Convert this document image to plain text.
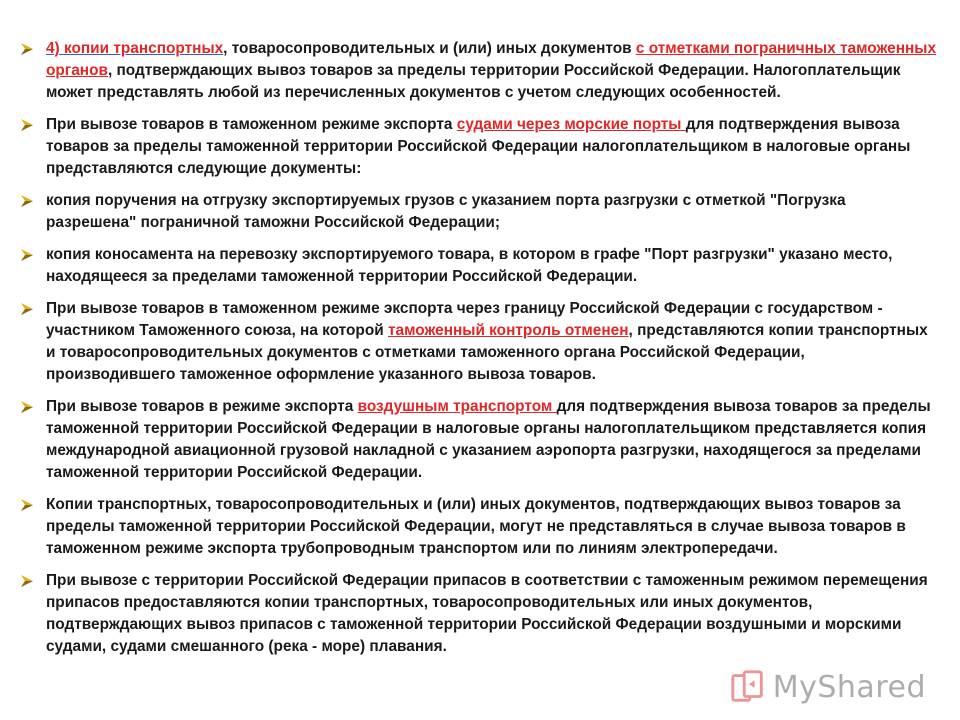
4) копии транспортных, товаросопроводительных и (или) иных документов с отметками пограничных таможенных органов, подтверждающих вывоз товаров за пределы территории Российской Федерации. Налогоплательщик может представлять любой из перечисленных документов с учетом следующих особенностей.
При вывозе товаров в таможенном режиме экспорта судами через морские порты для подтверждения вывоза товаров за пределы таможенной территории Российской Федерации налогоплательщиком в налоговые органы представляются следующие документы:
копия поручения на отгрузку экспортируемых грузов с указанием порта разгрузки с отметкой "Погрузка разрешена" пограничной таможни Российской Федерации;
копия коносамента на перевозку экспортируемого товара, в котором в графе "Порт разгрузки" указано место, находящееся за пределами таможенной территории Российской Федерации.
При вывозе товаров в таможенном режиме экспорта через границу Российской Федерации с государством - участником Таможенного союза, на которой таможенный контроль отменен, представляются копии транспортных и товаросопроводительных документов с отметками таможенного органа Российской Федерации, производившего таможенное оформление указанного вывоза товаров.
При вывозе товаров в режиме экспорта воздушным транспортом для подтверждения вывоза товаров за пределы таможенной территории Российской Федерации в налоговые органы налогоплательщиком представляется копия международной авиационной грузовой накладной с указанием аэропорта разгрузки, находящегося за пределами таможенной территории Российской Федерации.
Копии транспортных, товаросопроводительных и (или) иных документов, подтверждающих вывоз товаров за пределы таможенной территории Российской Федерации, могут не представляться в случае вывоза товаров в таможенном режиме экспорта трубопроводным транспортом или по линиям электропередачи.
При вывозе с территории Российской Федерации припасов в соответствии с таможенным режимом перемещения припасов предоставляются копии транспортных, товаросопроводительных или иных документов, подтверждающих вывоз припасов с таможенной территории Российской Федерации воздушными и морскими судами, судами смешанного (река - море) плавания.
MyShared
